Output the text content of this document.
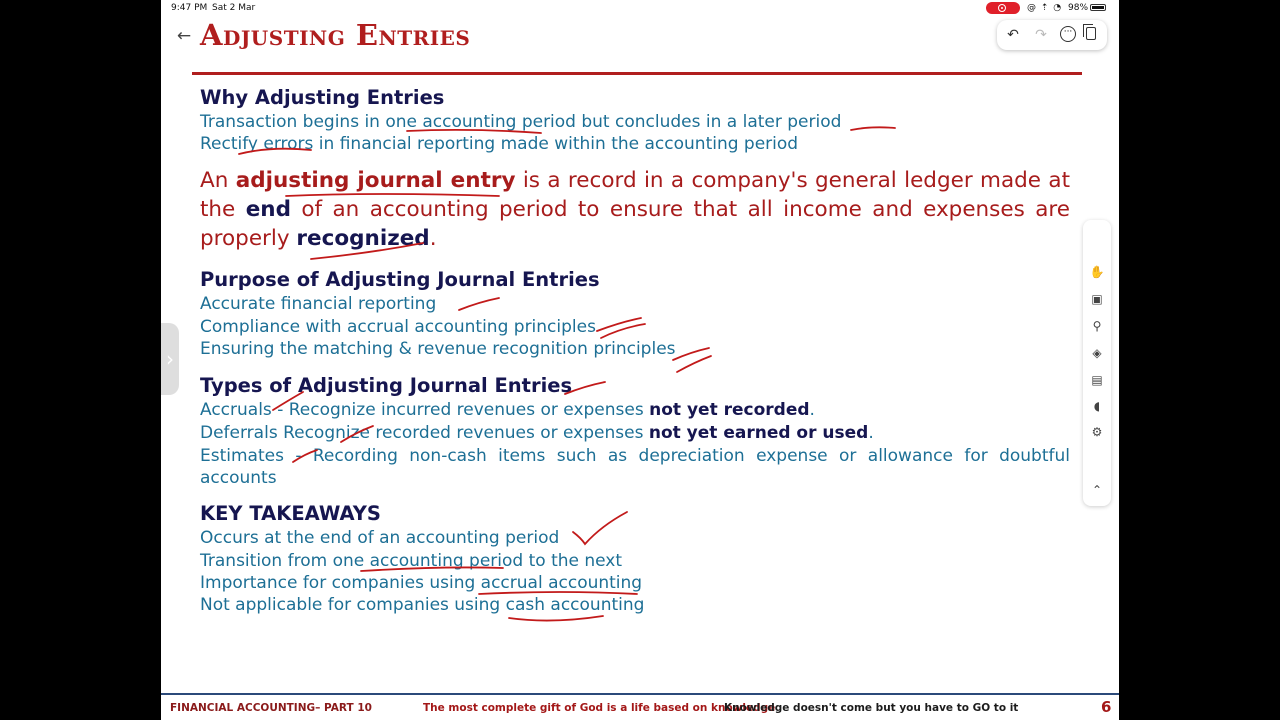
9:47 PM Sat 2 Mar	@ ⇡ ◔ 98%
←	↶ ↷	···
Adjusting Entries
Why Adjusting Entries
Transaction begins in one accounting period but concludes in a later period
Rectify errors in financial reporting made within the accounting period
An adjusting journal entry is a record in a company's general ledger made at the end of an accounting period to ensure that all income and expenses are properly recognized.
Purpose of Adjusting Journal Entries
Accurate financial reporting
Compliance with accrual accounting principles
Ensuring the matching & revenue recognition principles
Types of Adjusting Journal Entries
Accruals - Recognize incurred revenues or expenses not yet recorded.
Deferrals Recognize recorded revenues or expenses not yet earned or used.
Estimates - Recording non-cash items such as depreciation expense or allowance for doubtful accounts
KEY TAKEAWAYS
Occurs at the end of an accounting period
Transition from one accounting period to the next
Importance for companies using accrual accounting
Not applicable for companies using cash accounting
›
✋
▣
⚲
◈
▤
◖
⚙
⌃
FINANCIAL ACCOUNTING– PART 10	The most complete gift of God is a life based on knowledge
Knowledge doesn't come but you have to GO to it	6
